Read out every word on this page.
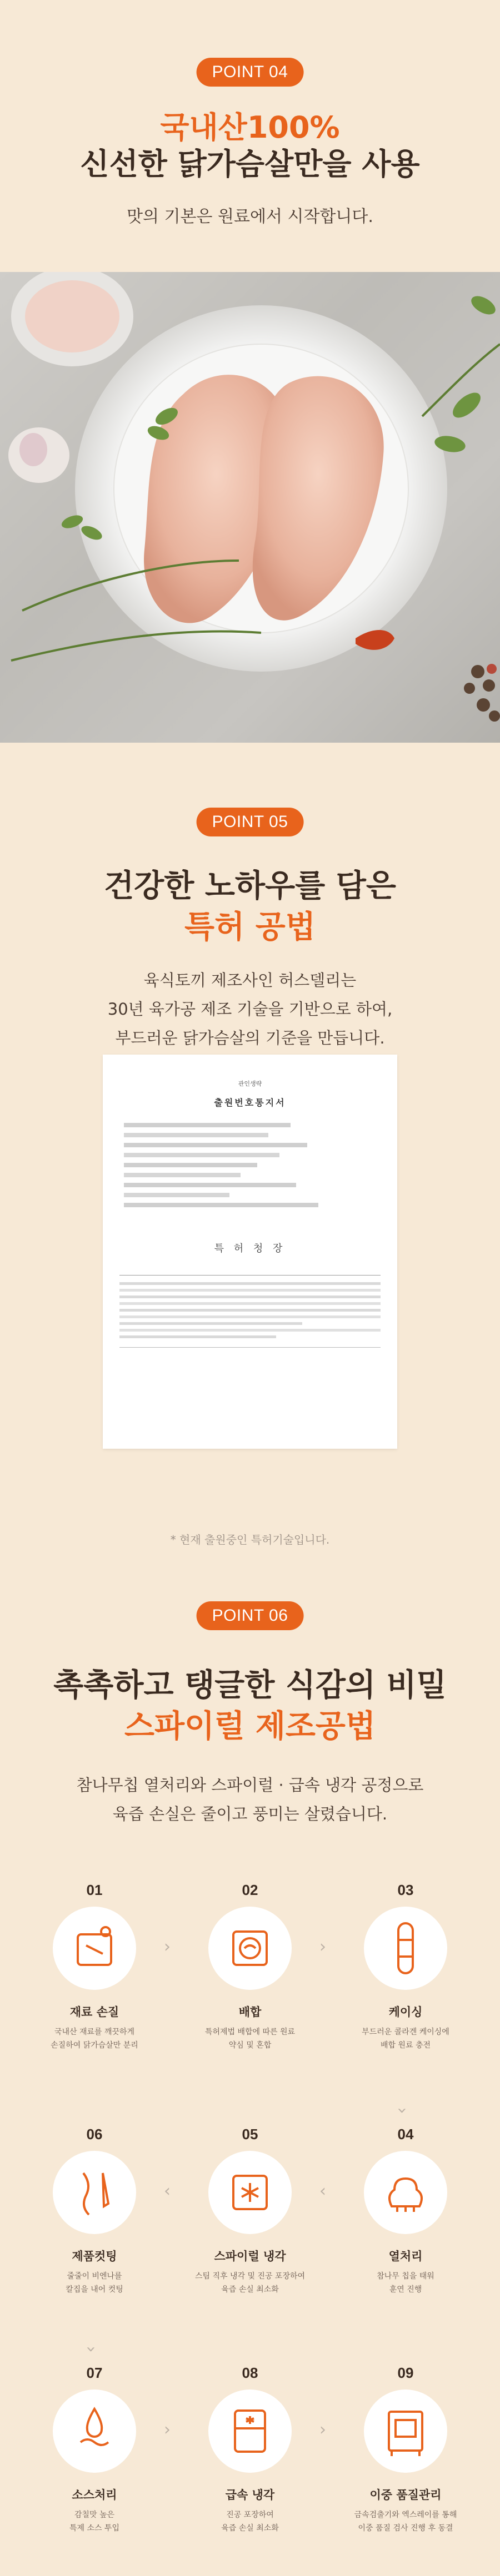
POINT 04
국내산100%
신선한 닭가슴살만을 사용
맛의 기본은 원료에서 시작합니다.
POINT 05
건강한 노하우를 담은
특허 공법
육식토끼 제조사인 허스델리는
30년 육가공 제조 기술을 기반으로 하여,
부드러운 닭가슴살의 기준을 만듭니다.
관인생략
출원번호통지서
특 허 청 장
* 현재 출원중인 특허기술입니다.
POINT 06
촉촉하고 탱글한 식감의 비밀
스파이럴 제조공법
참나무칩 열처리와 스파이럴 · 급속 냉각 공정으로
육즙 손실은 줄이고 풍미는 살렸습니다.
01
재료 손질
국내산 재료를 깨끗하게
손질하여 닭가슴살만 분리
›
02
배합
특허제법 배합에 따른 원료
약심 및 혼합
›
03
케이싱
부드러운 콜라겐 케이싱에
배합 원료 충전
›
06
제품컷팅
줄줄이 비엔나를
칼집을 내어 컷팅
‹
05
스파이럴 냉각
스팀 직후 냉각 및 진공 포장하여
육즙 손실 최소화
‹
04
열처리
참나무 칩을 태워
훈연 진행
›
07
소스처리
감칠맛 높은
특제 소스 투입
›
08
급속 냉각
진공 포장하여
육즙 손실 최소화
›
09
이중 품질관리
금속검출기와 엑스레이를 통해
이중 품질 검사 진행 후 동결
